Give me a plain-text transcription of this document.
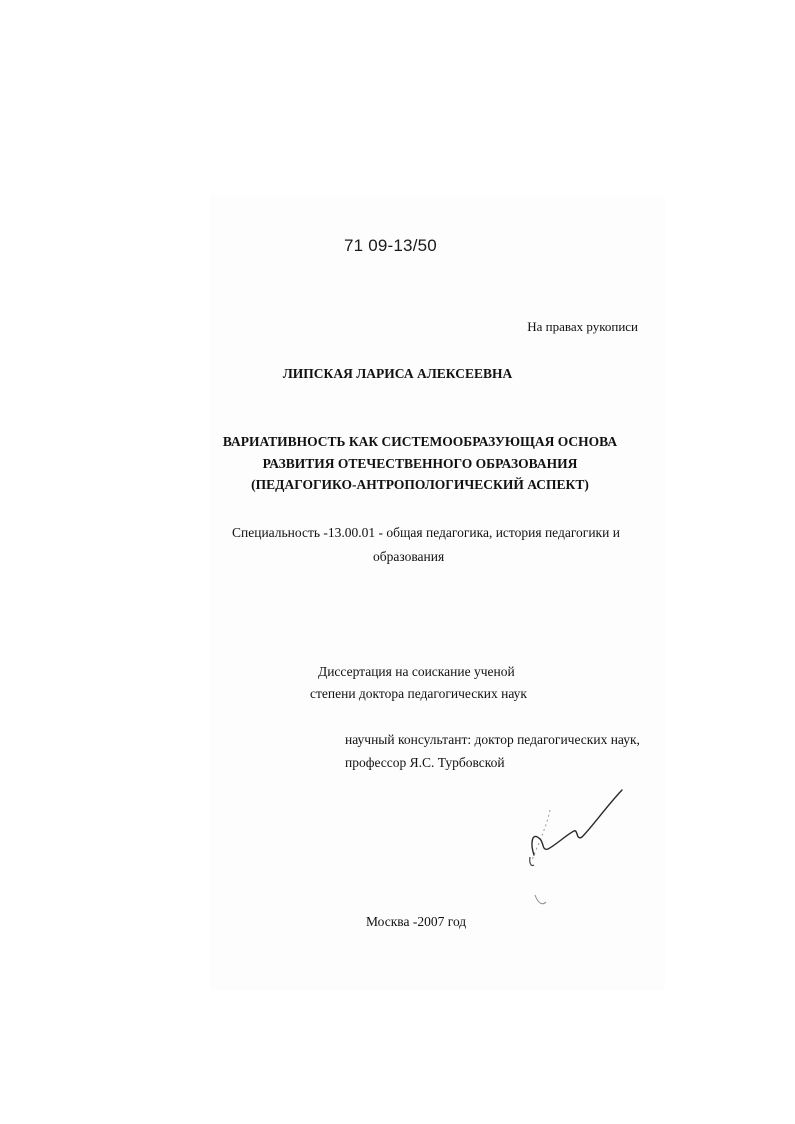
71 09-13/50
На правах рукописи
ЛИПСКАЯ ЛАРИСА АЛЕКСЕЕВНА
ВАРИАТИВНОСТЬ КАК СИСТЕМООБРАЗУЮЩАЯ ОСНОВА
РАЗВИТИЯ ОТЕЧЕСТВЕННОГО ОБРАЗОВАНИЯ
(ПЕДАГОГИКО-АНТРОПОЛОГИЧЕСКИЙ АСПЕКТ)
Специальность -13.00.01 - общая педагогика, история педагогики и
образования
Диссертация на соискание ученой
степени доктора педагогических наук
научный консультант: доктор педагогических наук,
профессор Я.С. Турбовской
Москва -2007 год
